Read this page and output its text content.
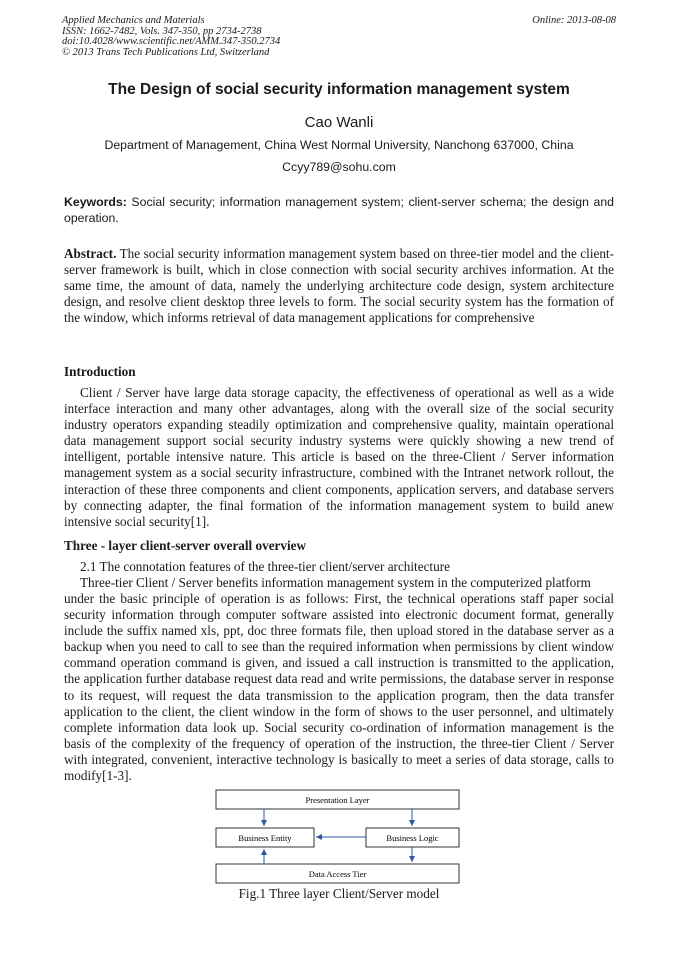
Applied Mechanics and Materials
ISSN: 1662-7482, Vols. 347-350, pp 2734-2738
doi:10.4028/www.scientific.net/AMM.347-350.2734
© 2013 Trans Tech Publications Ltd, Switzerland
Online: 2013-08-08
The Design of social security information management system
Cao Wanli
Department of Management, China West Normal University, Nanchong 637000, China
Ccyy789@sohu.com
Keywords: Social security; information management system; client-server schema; the design and operation.
Abstract. The social security information management system based on three-tier model and the client-server framework is built, which in close connection with social security archives information. At the same time, the amount of data, namely the underlying architecture code design, system architecture design, and resolve client desktop three levels to form. The social security system has the formation of the window, which informs retrieval of data management applications for comprehensive
Introduction
Client / Server have large data storage capacity, the effectiveness of operational as well as a wide interface interaction and many other advantages, along with the overall size of the social security industry operators expanding steadily optimization and comprehensive quality, maintain operational data management support social security industry systems were quickly showing a new trend of intelligent, portable intensive nature. This article is based on the three-Client / Server information management system as a social security infrastructure, combined with the Intranet network rollout, the interaction of these three components and client components, application servers, and database servers by connecting adapter, the final formation of the information management system to build anew intensive social security[1].
Three - layer client-server overall overview

2.1 The connotation features of the three-tier client/server architecture

Three-tier Client / Server benefits information management system in the computerized platform

under the basic principle of operation is as follows: First, the technical operations staff paper social security information through computer software assisted into electronic document format, generally include the suffix named xls, ppt, doc three formats file, then upload stored in the database server as a backup when you need to call to see than the required information when permissions by client window command operation command is given, and issued a call instruction is transmitted to the application, the application further database request data read and write permissions, the database server in response to its request, will request the data transmission to the application program, then the data transfer application to the client, the client window in the form of shows to the user personnel, and ultimately complete information data look up. Social security co-ordination of information management is the basis of the complexity of the frequency of operation of the instruction, the three-tier Client / Server with integrated, convenient, interactive technology is basically to meet a series of data storage, calls to modify[1-3].

Presentation Layer
Business Entity	Business Logic
Data Access Tier
Fig.1 Three layer Client/Server model
